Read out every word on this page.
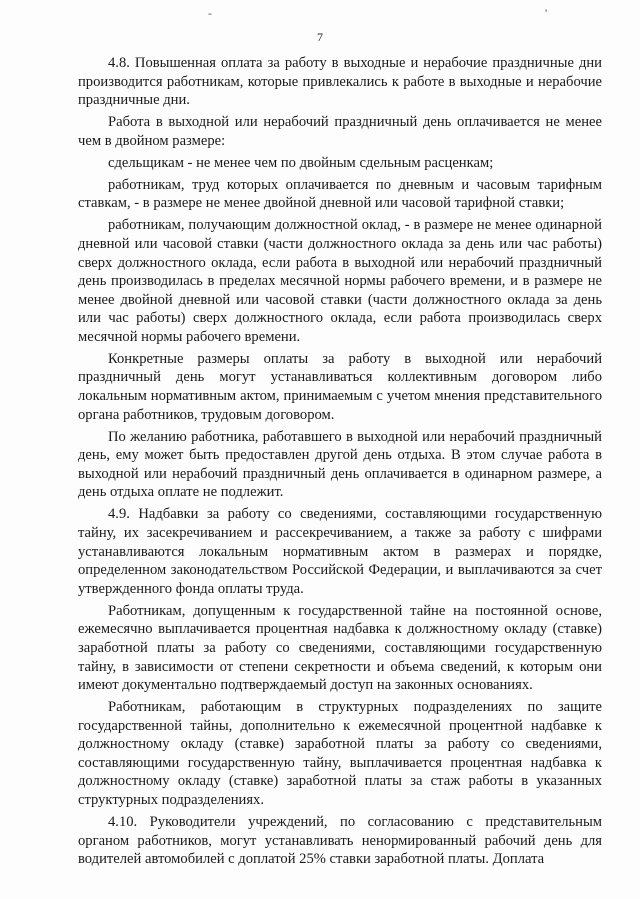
-	'
7

4.8. Повышенная оплата за работу в выходные и нерабочие праздничные дни производится работникам, которые привлекались к работе в выходные и нерабочие праздничные дни.

Работа в выходной или нерабочий праздничный день оплачивается не менее чем в двойном размере:

сдельщикам - не менее чем по двойным сдельным расценкам;

работникам, труд которых оплачивается по дневным и часовым тарифным ставкам, - в размере не менее двойной дневной или часовой тарифной ставки;

работникам, получающим должностной оклад, - в размере не менее одинарной дневной или часовой ставки (части должностного оклада за день или час работы) сверх должностного оклада, если работа в выходной или нерабочий праздничный день производилась в пределах месячной нормы рабочего времени, и в размере не менее двойной дневной или часовой ставки (части должностного оклада за день или час работы) сверх должностного оклада, если работа производилась сверх месячной нормы рабочего времени.

Конкретные размеры оплаты за работу в выходной или нерабочий праздничный день могут устанавливаться коллективным договором либо локальным нормативным актом, принимаемым с учетом мнения представительного органа работников, трудовым договором.

По желанию работника, работавшего в выходной или нерабочий праздничный день, ему может быть предоставлен другой день отдыха. В этом случае работа в выходной или нерабочий праздничный день оплачивается в одинарном размере, а день отдыха оплате не подлежит.

4.9. Надбавки за работу со сведениями, составляющими государственную тайну, их засекречиванием и рассекречиванием, а также за работу с шифрами устанавливаются локальным нормативным актом в размерах и порядке, определенном законодательством Российской Федерации, и выплачиваются за счет утвержденного фонда оплаты труда.

Работникам, допущенным к государственной тайне на постоянной основе, ежемесячно выплачивается процентная надбавка к должностному окладу (ставке) заработной платы за работу со сведениями, составляющими государственную тайну, в зависимости от степени секретности и объема сведений, к которым они имеют документально подтверждаемый доступ на законных основаниях.

Работникам, работающим в структурных подразделениях по защите государственной тайны, дополнительно к ежемесячной процентной надбавке к должностному окладу (ставке) заработной платы за работу со сведениями, составляющими государственную тайну, выплачивается процентная надбавка к должностному окладу (ставке) заработной платы за стаж работы в указанных структурных подразделениях.

4.10. Руководители учреждений, по согласованию с представительным органом работников, могут устанавливать ненормированный рабочий день для водителей автомобилей с доплатой 25% ставки заработной платы. Доплата
